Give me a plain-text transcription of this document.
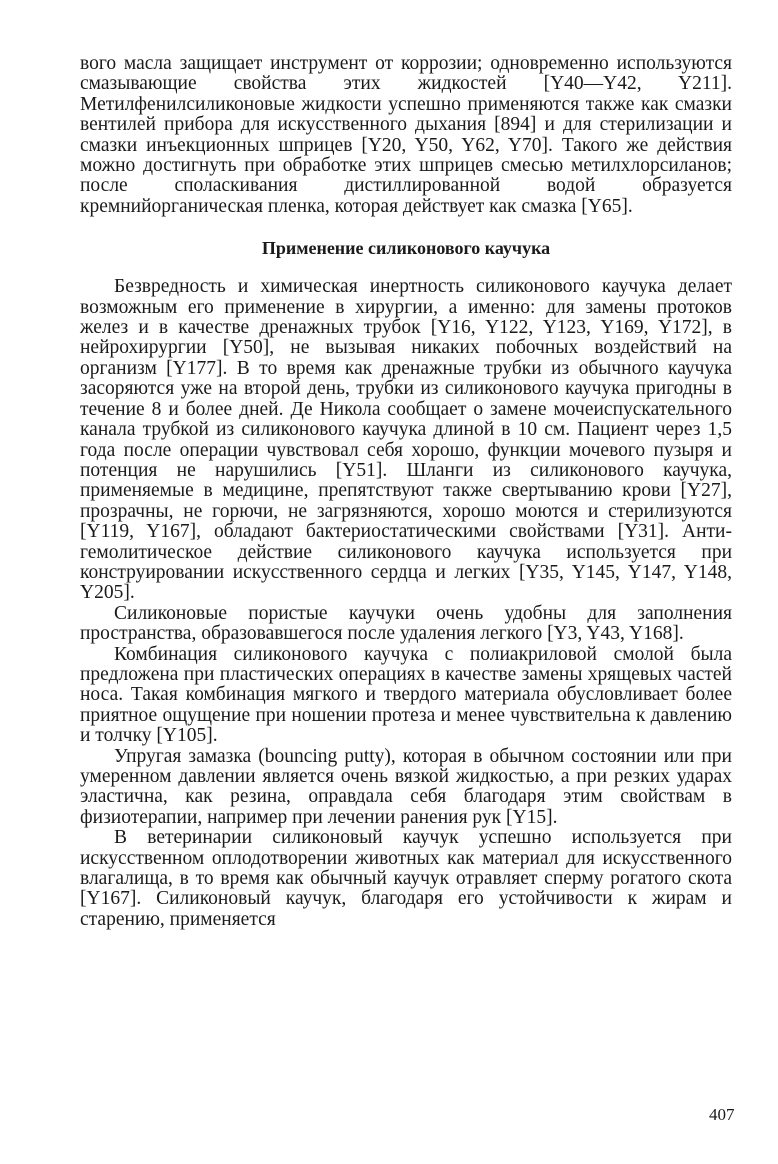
вого масла защищает инструмент от коррозии; одновременно используются смазывающие свойства этих жидкостей [Y40—Y42, Y211]. Метилфенилсиликоновые жидкости успешно применяются также как смазки вентилей прибора для искусственного дыхания [894] и для стерилизации и смазки инъекционных шприцев [Y20, Y50, Y62, Y70]. Такого же действия можно достигнуть при обработке этих шприцев смесью метилхлорсиланов; после споласкивания дистиллированной водой образуется кремнийорганическая пленка, которая действует как смазка [Y65].

Применение силиконового каучука

Безвредность и химическая инертность силиконового каучука делает возможным его применение в хирургии, а именно: для замены протоков желез и в качестве дренажных трубок [Y16, Y122, Y123, Y169, Y172], в нейрохирургии [Y50], не вызывая никаких побочных воздействий на организм [Y177]. В то время как дренажные трубки из обычного каучука засоряются уже на второй день, трубки из силиконового каучука пригодны в течение 8 и более дней. Де Никола сообщает о замене мочеиспускательного канала трубкой из силиконового каучука длиной в 10 см. Пациент через 1,5 года после операции чувствовал себя хорошо, функции мочевого пузыря и потенция не нарушились [Y51]. Шланги из силиконового каучука, применяемые в медицине, препятствуют также свертыванию крови [Y27], прозрачны, не горючи, не загрязняются, хорошо моются и стерилизуются [Y119, Y167], обладают бактериостатическими свойствами [Y31]. Антигемолитическое действие силиконового каучука используется при конструировании искусственного сердца и легких [Y35, Y145, Y147, Y148, Y205].

Силиконовые пористые каучуки очень удобны для заполнения пространства, образовавшегося после удаления легкого [Y3, Y43, Y168].

Комбинация силиконового каучука с полиакриловой смолой была предложена при пластических операциях в качестве замены хрящевых частей носа. Такая комбинация мягкого и твердого материала обусловливает более приятное ощущение при ношении протеза и менее чувствительна к давлению и толчку [Y105].

Упругая замазка (bouncing putty), которая в обычном состоянии или при умеренном давлении является очень вязкой жидкостью, а при резких ударах эластична, как резина, оправдала себя благодаря этим свойствам в физиотерапии, например при лечении ранения рук [Y15].

В ветеринарии силиконовый каучук успешно используется при искусственном оплодотворении животных как материал для искусственного влагалища, в то время как обычный каучук отравляет сперму рогатого скота [Y167]. Силиконовый каучук, благодаря его устойчивости к жирам и старению, применяется

407
